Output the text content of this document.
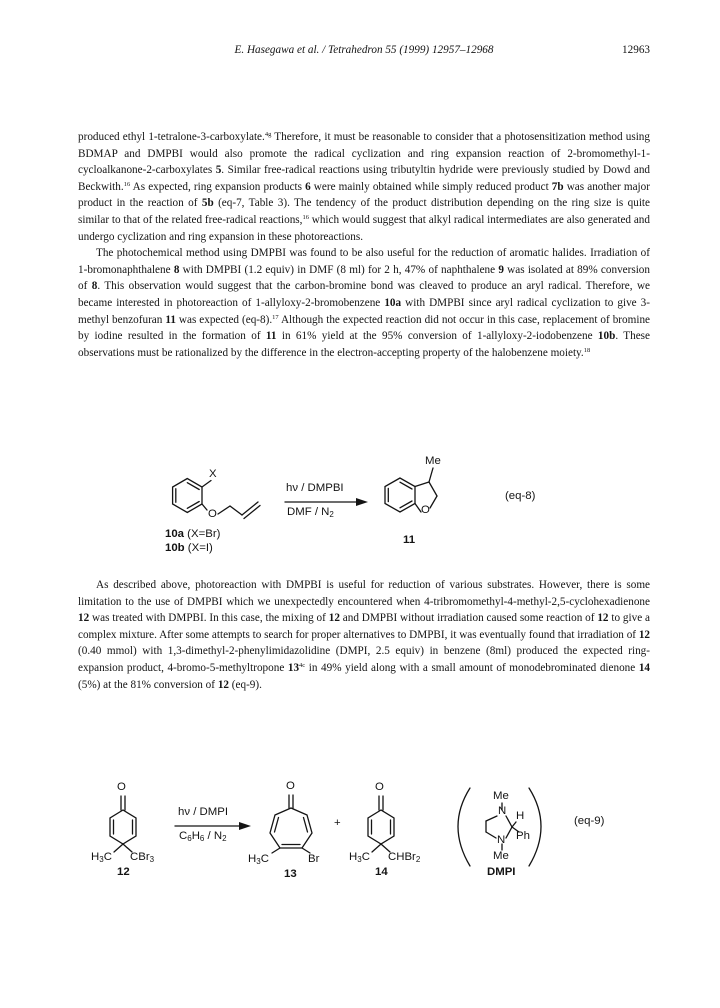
E. Hasegawa et al. / Tetrahedron 55 (1999) 12957–12968	12963

produced ethyl 1-tetralone-3-carboxylate.$^{4g}$ Therefore, it must be reasonable to consider that a photosensitization method using BDMAP and DMPBI would also promote the radical cyclization and ring expansion reaction of 2-bromomethyl-1-cycloalkanone-2-carboxylates 5. Similar free-radical reactions using tributyltin hydride were previously studied by Dowd and Beckwith.$^{16}$ As expected, ring expansion products 6 were mainly obtained while simply reduced product 7b was another major product in the reaction of 5b (eq-7, Table 3). The tendency of the product distribution depending on the ring size is quite similar to that of the related free-radical reactions,$^{16}$ which would suggest that alkyl radical intermediates are also generated and undergo cyclization and ring expansion in these photoreactions.

The photochemical method using DMPBI was found to be also useful for the reduction of aromatic halides. Irradiation of 1-bromonaphthalene 8 with DMPBI (1.2 equiv) in DMF (8 ml) for 2 h, 47% of naphthalene 9 was isolated at 89% conversion of 8. This observation would suggest that the carbon-bromine bond was cleaved to produce an aryl radical. Therefore, we became interested in photoreaction of 1-allyloxy-2-bromobenzene 10a with DMPBI since aryl radical cyclization to give 3-methyl benzofuran 11 was expected (eq-8).$^{17}$ Although the expected reaction did not occur in this case, replacement of bromine by iodine resulted in the formation of 11 in 61% yield at the 95% conversion of 1-allyloxy-2-iodobenzene 10b. These observations must be rationalized by the difference in the electron-accepting property of the halobenzene moiety.$^{18}$

X
O
hν / DMPBI
DMF / $N_2$
Me
O
(eq-8)
10a (X=Br)
10b (X=I)
11

As described above, photoreaction with DMPBI is useful for reduction of various substrates. However, there is some limitation to the use of DMPBI which we unexpectedly encountered when 4-tribromomethyl-4-methyl-2,5-cyclohexadienone 12 was treated with DMPBI. In this case, the mixing of 12 and DMPBI without irradiation caused some reaction of 12 to give a complex mixture. After some attempts to search for proper alternatives to DMPBI, it was eventually found that irradiation of 12 (0.40 mmol) with 1,3-dimethyl-2-phenylimidazolidine (DMPI, 2.5 equiv) in benzene (8ml) produced the expected ring-expansion product, 4-bromo-5-methyltropone $13^{4c}$ in 49% yield along with a small amount of monodebrominated dienone 14 (5%) at the 81% conversion of 12 (eq-9).

O
$H_3C$ CBr$_3$
hν / DMPI
$C_6H_6 / N_2$
O
$H_3C$	Br
+
O
$H_3C$ CHBr$_2$
Me
N H
N Ph
Me
DMPI
(eq-9)
12	13	14
